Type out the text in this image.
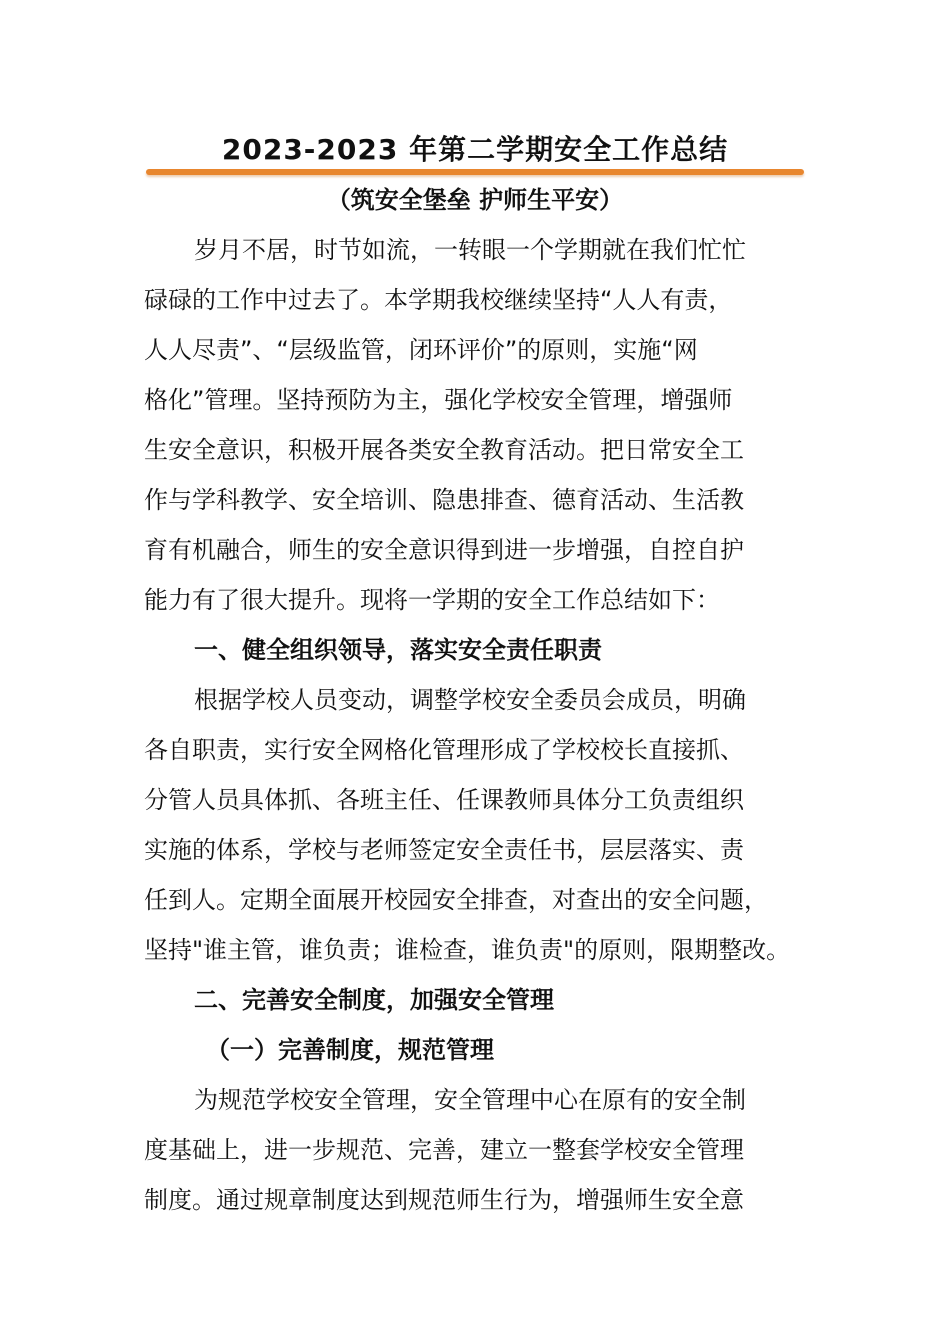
2023-2023 年第二学期安全工作总结
（筑安全堡垒 护师生平安）
岁月不居，时节如流，一转眼一个学期就在我们忙忙
碌碌的工作中过去了。本学期我校继续坚持“人人有责，
人人尽责”、“层级监管，闭环评价”的原则，实施“网
格化”管理。坚持预防为主，强化学校安全管理，增强师
生安全意识，积极开展各类安全教育活动。把日常安全工
作与学科教学、安全培训、隐患排查、德育活动、生活教
育有机融合，师生的安全意识得到进一步增强，自控自护
能力有了很大提升。现将一学期的安全工作总结如下：
一、健全组织领导，落实安全责任职责
根据学校人员变动，调整学校安全委员会成员，明确
各自职责，实行安全网格化管理形成了学校校长直接抓、
分管人员具体抓、各班主任、任课教师具体分工负责组织
实施的体系，学校与老师签定安全责任书，层层落实、责
任到人。定期全面展开校园安全排查，对查出的安全问题，
坚持"谁主管，谁负责；谁检查，谁负责"的原则，限期整改。
二、完善安全制度，加强安全管理
（一）完善制度，规范管理
为规范学校安全管理，安全管理中心在原有的安全制
度基础上，进一步规范、完善，建立一整套学校安全管理
制度。通过规章制度达到规范师生行为，增强师生安全意
